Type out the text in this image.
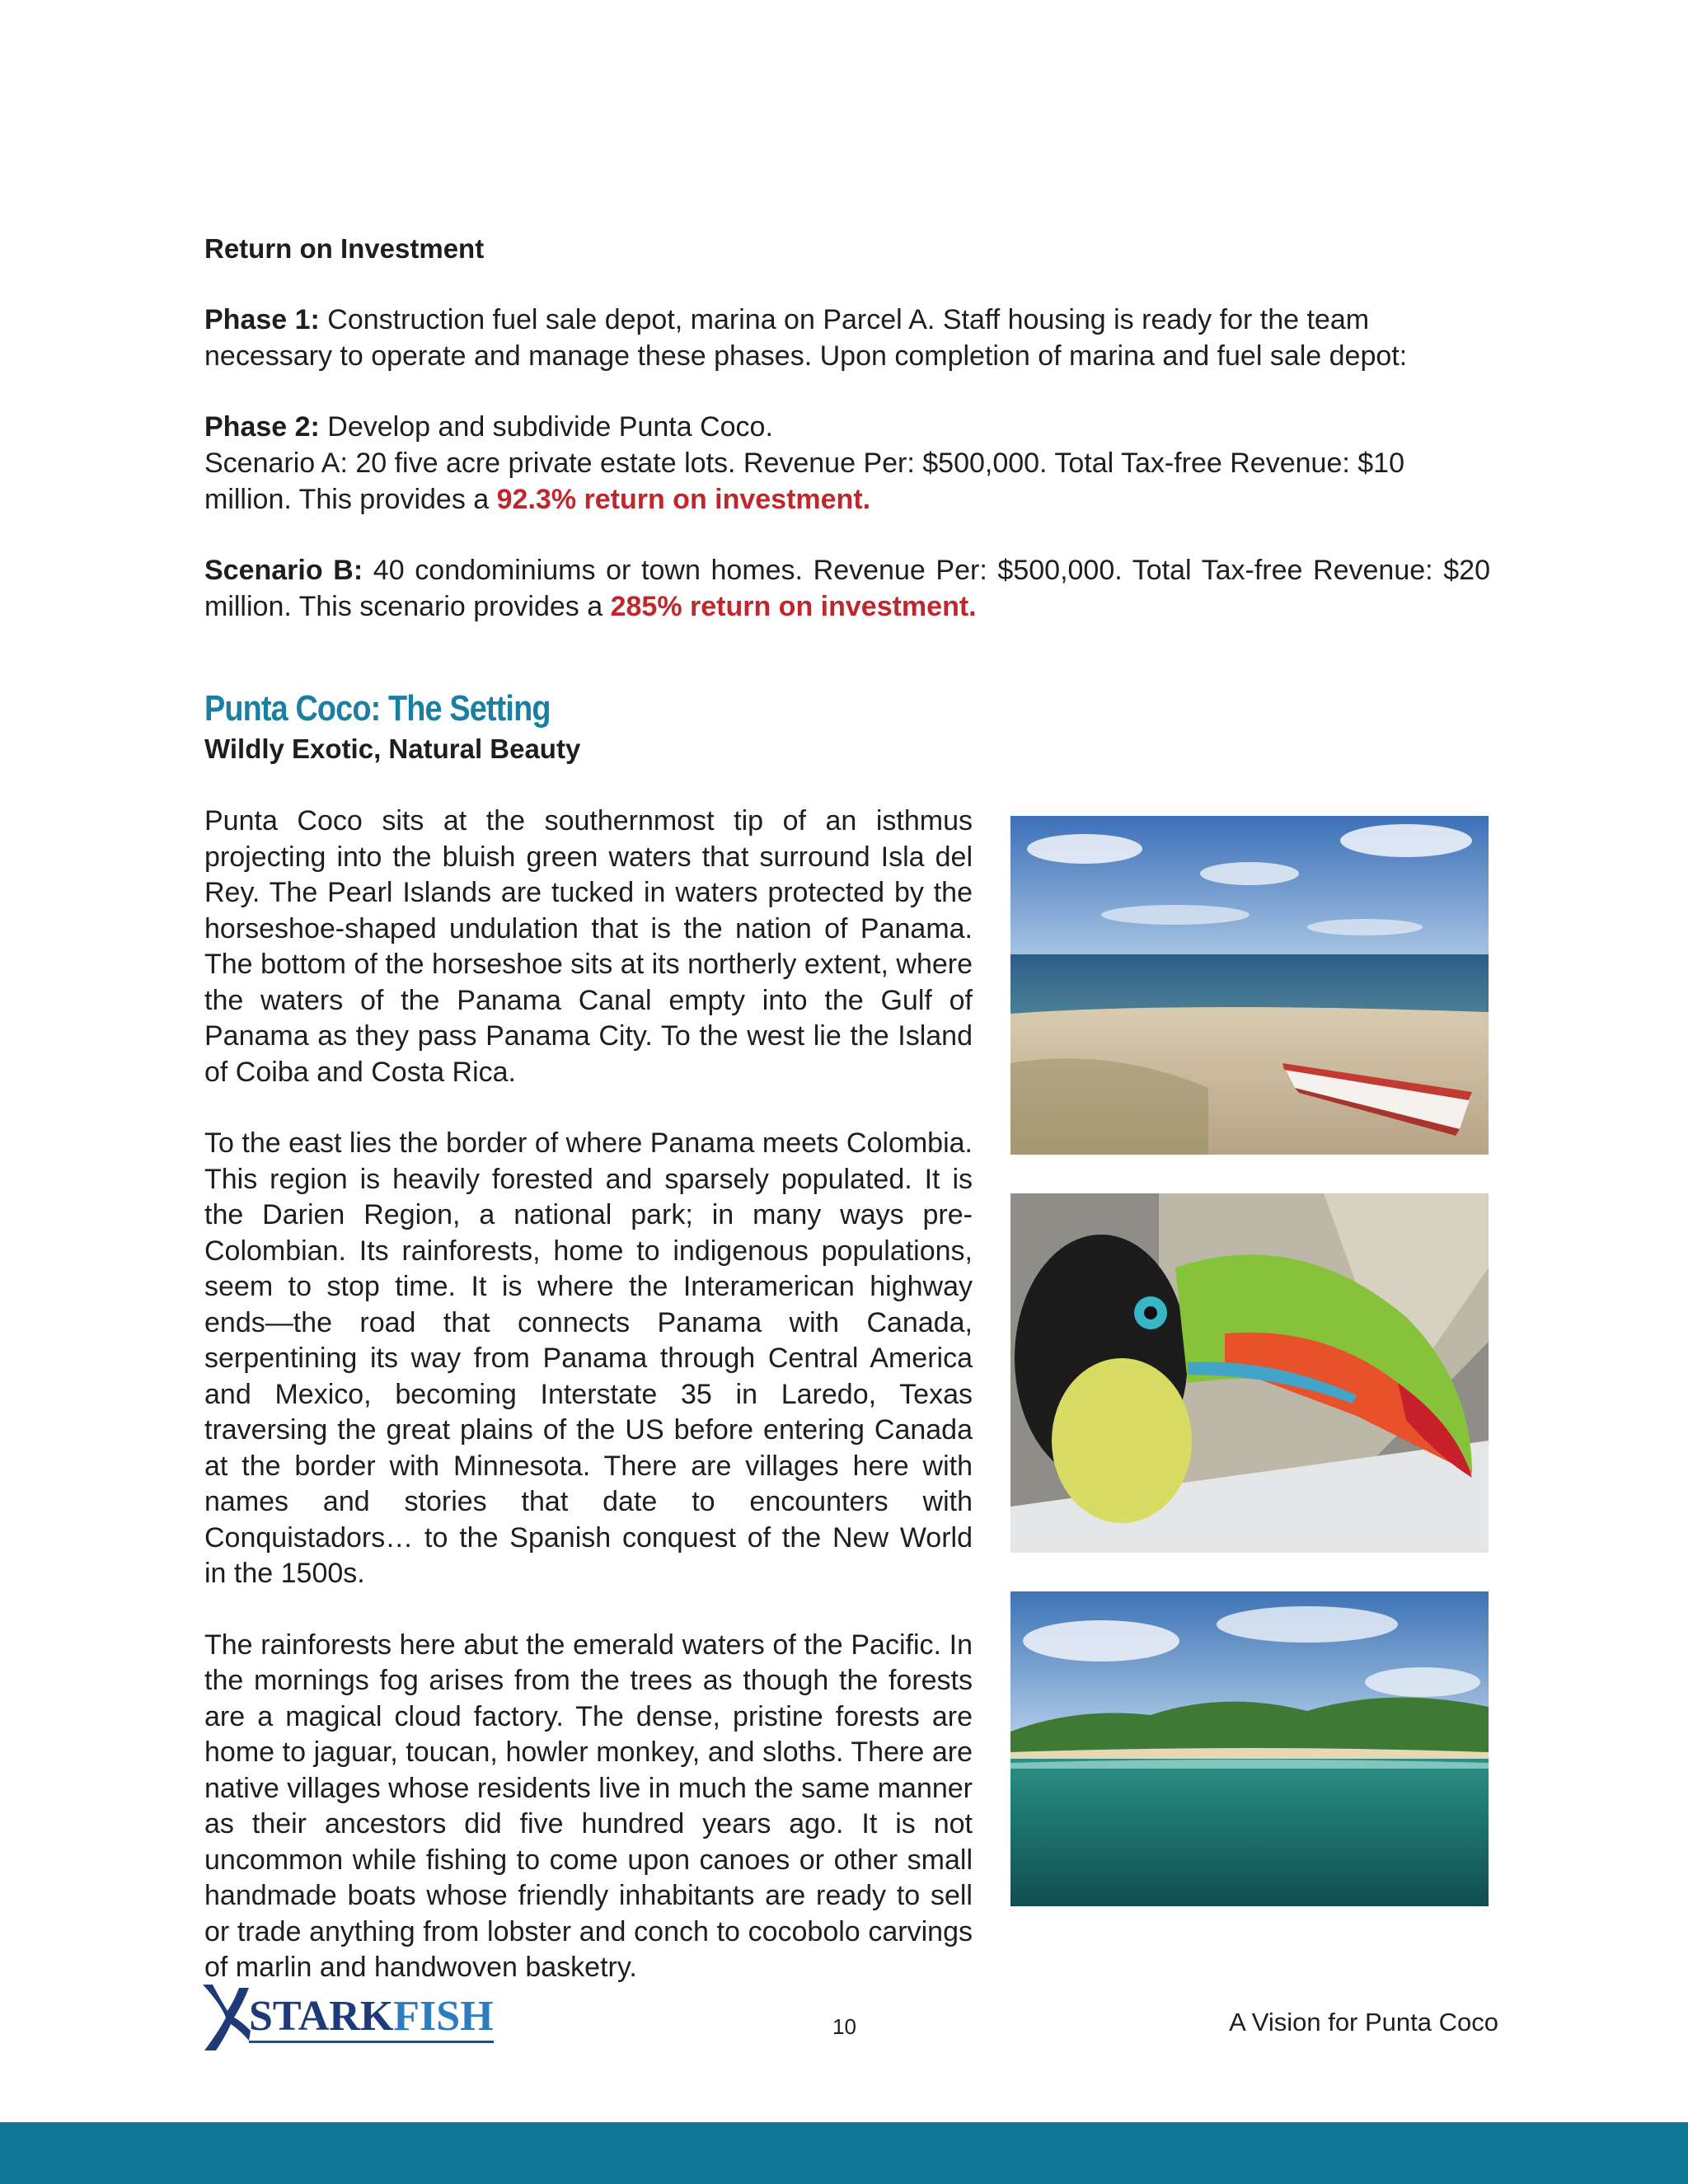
Return on Investment

Phase 1: Construction fuel sale depot, marina on Parcel A. Staff housing is ready for the team necessary to operate and manage these phases. Upon completion of marina and fuel sale depot:

Phase 2: Develop and subdivide Punta Coco.

Scenario A: 20 five acre private estate lots. Revenue Per: $500,000. Total Tax-free Revenue: $10 million. This provides a 92.3% return on investment.

Scenario B: 40 condominiums or town homes. Revenue Per: $500,000. Total Tax-free Revenue: $20 million. This scenario provides a 285% return on investment.

Punta Coco: The Setting

Wildly Exotic, Natural Beauty

Punta Coco sits at the southernmost tip of an isthmus projecting into the bluish green waters that surround Isla del Rey. The Pearl Islands are tucked in waters protected by the horseshoe-shaped undulation that is the nation of Panama. The bottom of the horseshoe sits at its northerly extent, where the waters of the Panama Canal empty into the Gulf of Panama as they pass Panama City. To the west lie the Island of Coiba and Costa Rica.

To the east lies the border of where Panama meets Colombia. This region is heavily forested and sparsely populated. It is the Darien Region, a national park; in many ways pre-Colombian. Its rainforests, home to indigenous populations, seem to stop time. It is where the Interamerican highway ends—the road that connects Panama with Canada, serpentining its way from Panama through Central America and Mexico, becoming Interstate 35 in Laredo, Texas traversing the great plains of the US before entering Canada at the border with Minnesota. There are villages here with names and stories that date to encounters with Conquistadors… to the Spanish conquest of the New World in the 1500s.

The rainforests here abut the emerald waters of the Pacific. In the mornings fog arises from the trees as though the forests are a magical cloud factory. The dense, pristine forests are home to jaguar, toucan, howler monkey, and sloths. There are native villages whose residents live in much the same manner as their ancestors did five hundred years ago. It is not uncommon while fishing to come upon canoes or other small handmade boats whose friendly inhabitants are ready to sell or trade anything from lobster and conch to cocobolo carvings of marlin and handwoven basketry.

STARKFISH	10	A Vision for Punta Coco
